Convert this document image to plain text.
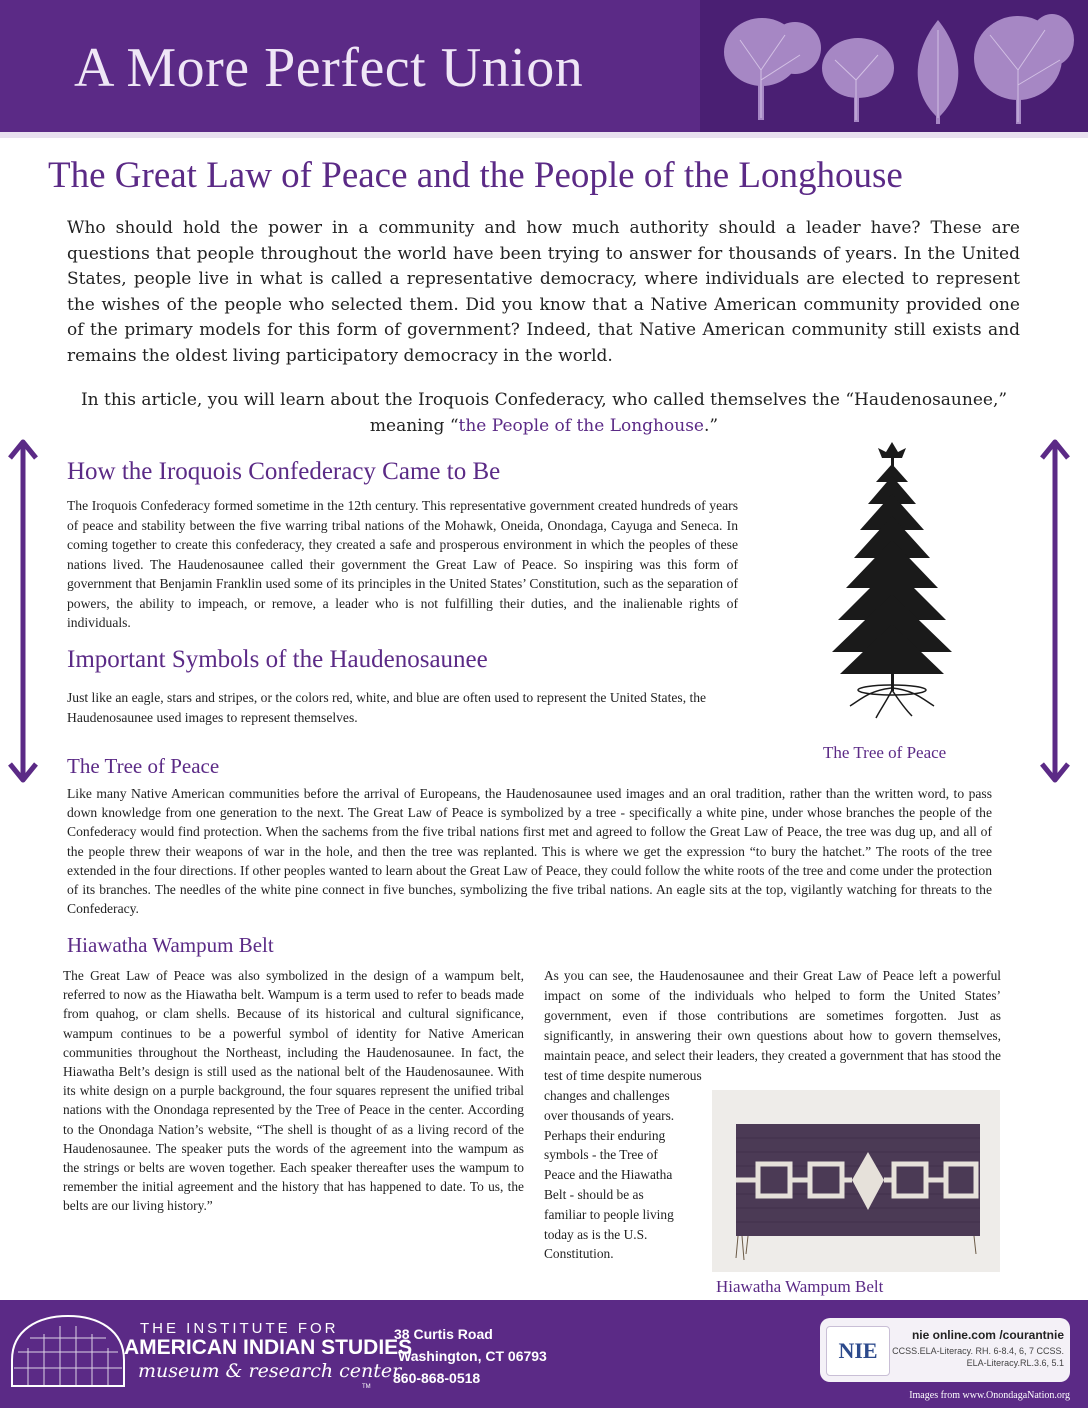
A More Perfect Union
The Great Law of Peace and the People of the Longhouse
Who should hold the power in a community and how much authority should a leader have? These are questions that people throughout the world have been trying to answer for thousands of years. In the United States, people live in what is called a representative democracy, where individuals are elected to represent the wishes of the people who selected them. Did you know that a Native American community provided one of the primary models for this form of government? Indeed, that Native American community still exists and remains the oldest living participatory democracy in the world.
In this article, you will learn about the Iroquois Confederacy, who called themselves the “Haudenosaunee,”
meaning “the People of the Longhouse.”
How the Iroquois Confederacy Came to Be
The Iroquois Confederacy formed sometime in the 12th century. This representative government created hundreds of years of peace and stability between the five warring tribal nations of the Mohawk, Oneida, Onondaga, Cayuga and Seneca. In coming together to create this confederacy, they created a safe and prosperous environment in which the peoples of these nations lived. The Haudenosaunee called their government the Great Law of Peace. So inspiring was this form of government that Benjamin Franklin used some of its principles in the United States’ Constitution, such as the separation of powers, the ability to impeach, or remove, a leader who is not fulfilling their duties, and the inalienable rights of individuals.
Important Symbols of the Haudenosaunee
Just like an eagle, stars and stripes, or the colors red, white, and blue are often used to represent the United States, the Haudenosaunee used images to represent themselves.
The Tree of Peace
The Tree of Peace
Like many Native American communities before the arrival of Europeans, the Haudenosaunee used images and an oral tradition, rather than the written word, to pass down knowledge from one generation to the next. The Great Law of Peace is symbolized by a tree - specifically a white pine, under whose branches the people of the Confederacy would find protection. When the sachems from the five tribal nations first met and agreed to follow the Great Law of Peace, the tree was dug up, and all of the people threw their weapons of war in the hole, and then the tree was replanted. This is where we get the expression “to bury the hatchet.” The roots of the tree extended in the four directions. If other peoples wanted to learn about the Great Law of Peace, they could follow the white roots of the tree and come under the protection of its branches. The needles of the white pine connect in five bunches, symbolizing the five tribal nations. An eagle sits at the top, vigilantly watching for threats to the Confederacy.
Hiawatha Wampum Belt
The Great Law of Peace was also symbolized in the design of a wampum belt, referred to now as the Hiawatha belt. Wampum is a term used to refer to beads made from quahog, or clam shells. Because of its historical and cultural significance, wampum continues to be a powerful symbol of identity for Native American communities throughout the Northeast, including the Haudenosaunee. In fact, the Hiawatha Belt’s design is still used as the national belt of the Haudenosaunee. With its white design on a purple background, the four squares represent the unified tribal nations with the Onondaga represented by the Tree of Peace in the center. According to the Onondaga Nation’s website, “The shell is thought of as a living record of the Haudenosaunee. The speaker puts the words of the agreement into the wampum as the strings or belts are woven together. Each speaker thereafter uses the wampum to remember the initial agreement and the history that has happened to date. To us, the belts are our living history.”
As you can see, the Haudenosaunee and their Great Law of Peace left a powerful impact on some of the individuals who helped to form the United States’ government, even if those contributions are sometimes forgotten. Just as significantly, in answering their own questions about how to govern themselves, maintain peace, and select their leaders, they created a government that has stood the test of time despite numerous
changes and challenges
over thousands of years.
Perhaps their enduring
symbols - the Tree of
Peace and the Hiawatha
Belt - should be as
familiar to people living
today as is the U.S.
Constitution.
Hiawatha Wampum Belt
THE INSTITUTE FOR
AMERICAN INDIAN STUDIES
museum & research center
TM
38 Curtis Road
Washington, CT 06793
860-868-0518
NIE
nie online.com /courantnie
CCSS.ELA-Literacy. RH. 6-8.4, 6, 7 CCSS.
ELA-Literacy.RL.3.6, 5.1
Images from www.OnondagaNation.org
